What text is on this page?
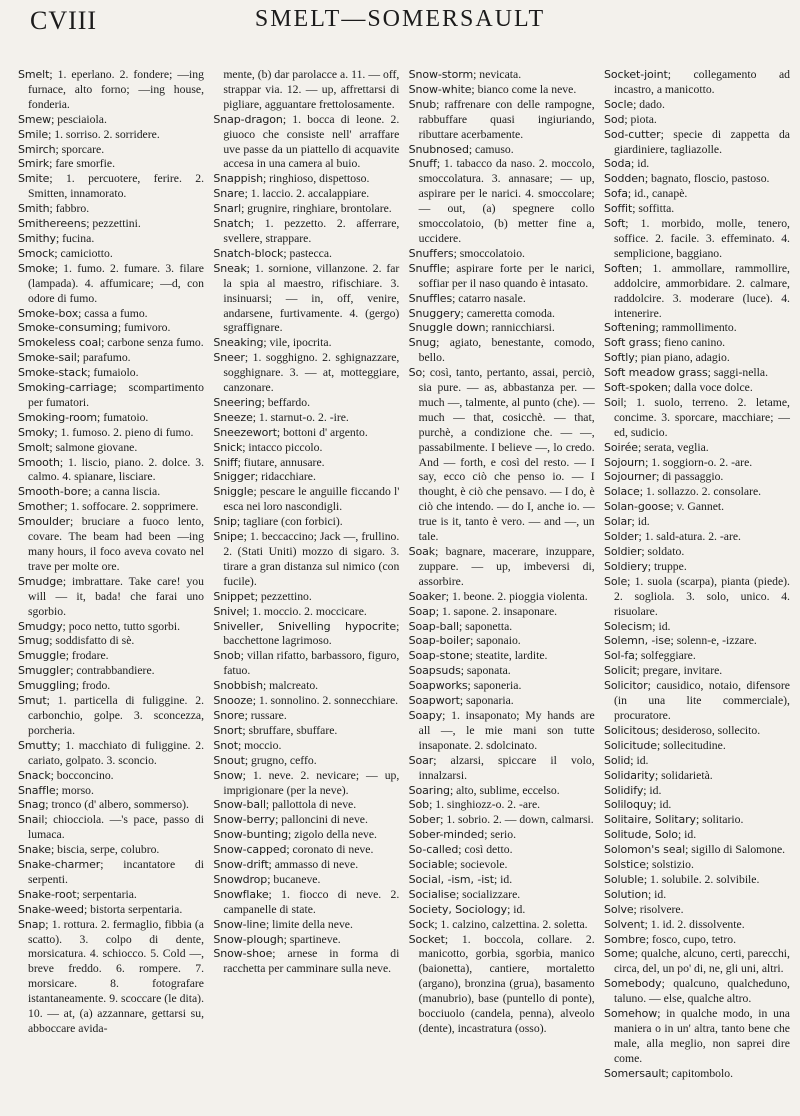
CVIII	SMELT—SOMERSAULT

Smelt; 1. eperlano. 2. fondere; —ing furnace, alto forno; —ing house, fonderia.

Smew; pesciaiola.

Smile; 1. sorriso. 2. sorridere.

Smirch; sporcare.

Smirk; fare smorfie.

Smite; 1. percuotere, ferire. 2. Smitten, innamorato.

Smith; fabbro.

Smithereens; pezzettini.

Smithy; fucina.

Smock; camiciotto.

Smoke; 1. fumo. 2. fumare. 3. filare (lampada). 4. affumicare; —d, con odore di fumo.

Smoke-box; cassa a fumo.

Smoke-consuming; fumivoro.

Smokeless coal; carbone senza fumo.

Smoke-sail; parafumo.

Smoke-stack; fumaiolo.

Smoking-carriage; scompartimento per fumatori.

Smoking-room; fumatoio.

Smoky; 1. fumoso. 2. pieno di fumo.

Smolt; salmone giovane.

Smooth; 1. liscio, piano. 2. dolce. 3. calmo. 4. spianare, lisciare.

Smooth-bore; a canna liscia.

Smother; 1. soffocare. 2. sopprimere.

Smoulder; bruciare a fuoco lento, covare. The beam had been —ing many hours, il foco aveva covato nel trave per molte ore.

Smudge; imbrattare. Take care! you will — it, bada! che farai uno sgorbio.

Smudgy; poco netto, tutto sgorbi.

Smug; soddisfatto di sè.

Smuggle; frodare.

Smuggler; contrabbandiere.

Smuggling; frodo.

Smut; 1. particella di fuliggine. 2. carbonchio, golpe. 3. sconcezza, porcheria.

Smutty; 1. macchiato di fuliggine. 2. cariato, golpato. 3. sconcio.

Snack; bocconcino.

Snaffle; morso.

Snag; tronco (d' albero, sommerso).

Snail; chiocciola. —'s pace, passo di lumaca.

Snake; biscia, serpe, colubro.

Snake-charmer; incantatore di serpenti.

Snake-root; serpentaria.

Snake-weed; bistorta serpentaria.

Snap; 1. rottura. 2. fermaglio, fibbia (a scatto). 3. colpo di dente, morsicatura. 4. schiocco. 5. Cold —, breve freddo. 6. rompere. 7. morsicare. 8. fotografare istantaneamente. 9. scoccare (le dita). 10. — at, (a) azzannare, gettarsi su, abboccare avida-

mente, (b) dar parolacce a. 11. — off, strappar via. 12. — up, affrettarsi di pigliare, agguantare frettolosamente.

Snap-dragon; 1. bocca di leone. 2. giuoco che consiste nell' arraffare uve passe da un piattello di acquavite accesa in una camera al buio.

Snappish; ringhioso, dispettoso.

Snare; 1. laccio. 2. accalappiare.

Snarl; grugnire, ringhiare, brontolare.

Snatch; 1. pezzetto. 2. afferrare, svellere, strappare.

Snatch-block; pastecca.

Sneak; 1. sornione, villanzone. 2. far la spia al maestro, rifischiare. 3. insinuarsi; — in, off, venire, andarsene, furtivamente. 4. (gergo) sgraffignare.

Sneaking; vile, ipocrita.

Sneer; 1. sogghigno. 2. sghignazzare, sogghignare. 3. — at, motteggiare, canzonare.

Sneering; beffardo.

Sneeze; 1. starnut-o. 2. -ire.

Sneezewort; bottoni d' argento.

Snick; intacco piccolo.

Sniff; fiutare, annusare.

Snigger; ridacchiare.

Sniggle; pescare le anguille ficcando l' esca nei loro nascondigli.

Snip; tagliare (con forbici).

Snipe; 1. beccaccino; Jack —, frullino. 2. (Stati Uniti) mozzo di sigaro. 3. tirare a gran distanza sul nimico (con fucile).

Snippet; pezzettino.

Snivel; 1. moccio. 2. moccicare.

Sniveller, Snivelling hypocrite; bacchettone lagrimoso.

Snob; villan rifatto, barbassoro, figuro, fatuo.

Snobbish; malcreato.

Snooze; 1. sonnolino. 2. sonnecchiare.

Snore; russare.

Snort; sbruffare, sbuffare.

Snot; moccio.

Snout; grugno, ceffo.

Snow; 1. neve. 2. nevicare; — up, imprigionare (per la neve).

Snow-ball; pallottola di neve.

Snow-berry; palloncini di neve.

Snow-bunting; zigolo della neve.

Snow-capped; coronato di neve.

Snow-drift; ammasso di neve.

Snowdrop; bucaneve.

Snowflake; 1. fiocco di neve. 2. campanelle di state.

Snow-line; limite della neve.

Snow-plough; spartineve.

Snow-shoe; arnese in forma di racchetta per camminare sulla neve.

Snow-storm; nevicata.

Snow-white; bianco come la neve.

Snub; raffrenare con delle rampogne, rabbuffare quasi ingiuriando, ributtare acerbamente.

Snubnosed; camuso.

Snuff; 1. tabacco da naso. 2. moccolo, smoccolatura. 3. annasare; — up, aspirare per le narici. 4. smoccolare; — out, (a) spegnere collo smoccolatoio, (b) metter fine a, uccidere.

Snuffers; smoccolatoio.

Snuffle; aspirare forte per le narici, soffiar per il naso quando è intasato.

Snuffles; catarro nasale.

Snuggery; cameretta comoda.

Snuggle down; rannicchiarsi.

Snug; agiato, benestante, comodo, bello.

So; così, tanto, pertanto, assai, perciò, sia pure. — as, abbastanza per. — much —, talmente, al punto (che). — much — that, cosicchè. — that, purchè, a condizione che. — —, passabilmente. I believe —, lo credo. And — forth, e così del resto. — I say, ecco ciò che penso io. — I thought, è ciò che pensavo. — I do, è ciò che intendo. — do I, anche io. — true is it, tanto è vero. — and —, un tale.

Soak; bagnare, macerare, inzuppare, zuppare. — up, imbeversi di, assorbire.

Soaker; 1. beone. 2. pioggia violenta.

Soap; 1. sapone. 2. insaponare.

Soap-ball; saponetta.

Soap-boiler; saponaio.

Soap-stone; steatite, lardite.

Soapsuds; saponata.

Soapworks; saponeria.

Soapwort; saponaria.

Soapy; 1. insaponato; My hands are all —, le mie mani son tutte insaponate. 2. sdolcinato.

Soar; alzarsi, spiccare il volo, innalzarsi.

Soaring; alto, sublime, eccelso.

Sob; 1. singhiozz-o. 2. -are.

Sober; 1. sobrio. 2. — down, calmarsi.

Sober-minded; serio.

So-called; così detto.

Sociable; socievole.

Social, -ism, -ist; id.

Socialise; socializzare.

Society, Sociology; id.

Sock; 1. calzino, calzettina. 2. soletta.

Socket; 1. boccola, collare. 2. manicotto, gorbia, sgorbia, manico (baionetta), cantiere, mortaletto (argano), bronzina (grua), basamento (manubrio), base (puntello di ponte), bocciuolo (candela, penna), alveolo (dente), incastratura (osso).

Socket-joint; collegamento ad incastro, a manicotto.

Socle; dado.

Sod; piota.

Sod-cutter; specie di zappetta da giardiniere, tagliazolle.

Soda; id.

Sodden; bagnato, floscio, pastoso.

Sofa; id., canapè.

Soffit; soffitta.

Soft; 1. morbido, molle, tenero, soffice. 2. facile. 3. effeminato. 4. semplicione, baggiano.

Soften; 1. ammollare, rammollire, addolcire, ammorbidare. 2. calmare, raddolcire. 3. moderare (luce). 4. intenerire.

Softening; rammollimento.

Soft grass; fieno canino.

Softly; pian piano, adagio.

Soft meadow grass; saggi-nella.

Soft-spoken; dalla voce dolce.

Soil; 1. suolo, terreno. 2. letame, concime. 3. sporcare, macchiare; —ed, sudicio.

Soirée; serata, veglia.

Sojourn; 1. soggiorn-o. 2. -are.

Sojourner; di passaggio.

Solace; 1. sollazzo. 2. consolare.

Solan-goose; v. Gannet.

Solar; id.

Solder; 1. sald-atura. 2. -are.

Soldier; soldato.

Soldiery; truppe.

Sole; 1. suola (scarpa), pianta (piede). 2. sogliola. 3. solo, unico. 4. risuolare.

Solecism; id.

Solemn, -ise; solenn-e, -izzare.

Sol-fa; solfeggiare.

Solicit; pregare, invitare.

Solicitor; causidico, notaio, difensore (in una lite commerciale), procuratore.

Solicitous; desideroso, sollecito.

Solicitude; sollecitudine.

Solid; id.

Solidarity; solidarietà.

Solidify; id.

Soliloquy; id.

Solitaire, Solitary; solitario.

Solitude, Solo; id.

Solomon's seal; sigillo di Salomone.

Solstice; solstizio.

Soluble; 1. solubile. 2. solvibile.

Solution; id.

Solve; risolvere.

Solvent; 1. id. 2. dissolvente.

Sombre; fosco, cupo, tetro.

Some; qualche, alcuno, certi, parecchi, circa, del, un po' di, ne, gli uni, altri.

Somebody; qualcuno, qualcheduno, taluno. — else, qualche altro.

Somehow; in qualche modo, in una maniera o in un' altra, tanto bene che male, alla meglio, non saprei dire come.

Somersault; capitombolo.
